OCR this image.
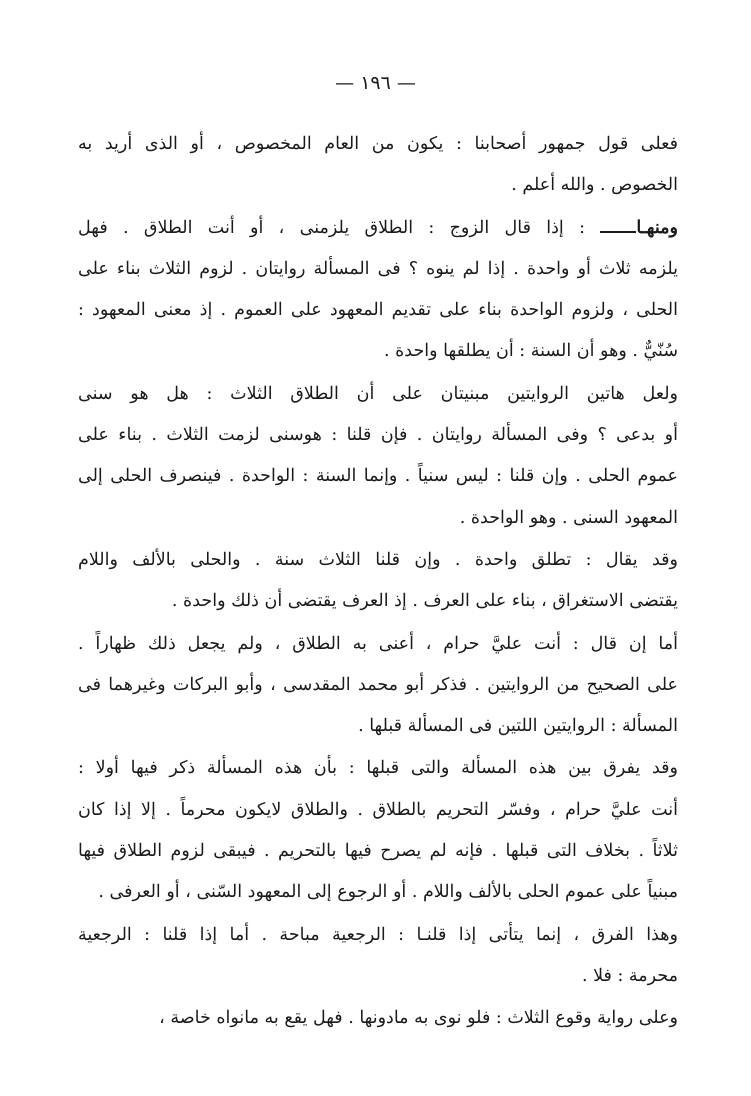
— ١٩٦ —
فعلى قول جمهور أصحابنا : يكون من العام المخصوص ، أو الذى أريد به
الخصوص . والله أعلم .
ومنهـا : إذا قال الزوج : الطلاق يلزمنى ، أو أنت الطلاق . فهل
يلزمه ثلاث أو واحدة . إذا لم ينوه ؟ فى المسألة روايتان . لزوم الثلاث بناء على
الحلى ، ولزوم الواحدة بناء على تقديم المعهود على العموم . إذ معنى المعهود :
سُنّيٌّ . وهو أن السنة : أن يطلقها واحدة .
ولعل هاتين الروايتين مبنيتان على أن الطلاق الثلاث : هل هو سنى
أو بدعى ؟ وفى المسألة روايتان . فإن قلنا : هوسنى لزمت الثلاث . بناء على
عموم الحلى . وإن قلنا : ليس سنياً . وإنما السنة : الواحدة . فينصرف الحلى إلى
المعهود السنى . وهو الواحدة .
وقد يقال : تطلق واحدة . وإن قلنا الثلاث سنة . والحلى بالألف واللام
يقتضى الاستغراق ، بناء على العرف . إذ العرف يقتضى أن ذلك واحدة .
أما إن قال : أنت عليَّ حرام ، أعنى به الطلاق ، ولم يجعل ذلك ظهاراً .
على الصحيح من الروايتين . فذكر أبو محمد المقدسى ، وأبو البركات وغيرهما فى
المسألة : الروايتين اللتين فى المسألة قبلها .
وقد يفرق بين هذه المسألة والتى قبلها : بأن هذه المسألة ذكر فيها أولا :
أنت عليَّ حرام ، وفسّر التحريم بالطلاق . والطلاق لايكون محرماً . إلا إذا كان
ثلاثاً . بخلاف التى قبلها . فإنه لم يصرح فيها بالتحريم . فيبقى لزوم الطلاق فيها
مبنياً على عموم الحلى بالألف واللام . أو الرجوع إلى المعهود السّنى ، أو العرفى .
وهذا الفرق ، إنما يتأتى إذا قلنـا : الرجعية مباحة . أما إذا قلنا : الرجعية
محرمة : فلا .
وعلى رواية وقوع الثلاث : فلو نوى به مادونها . فهل يقع به مانواه خاصة ،
